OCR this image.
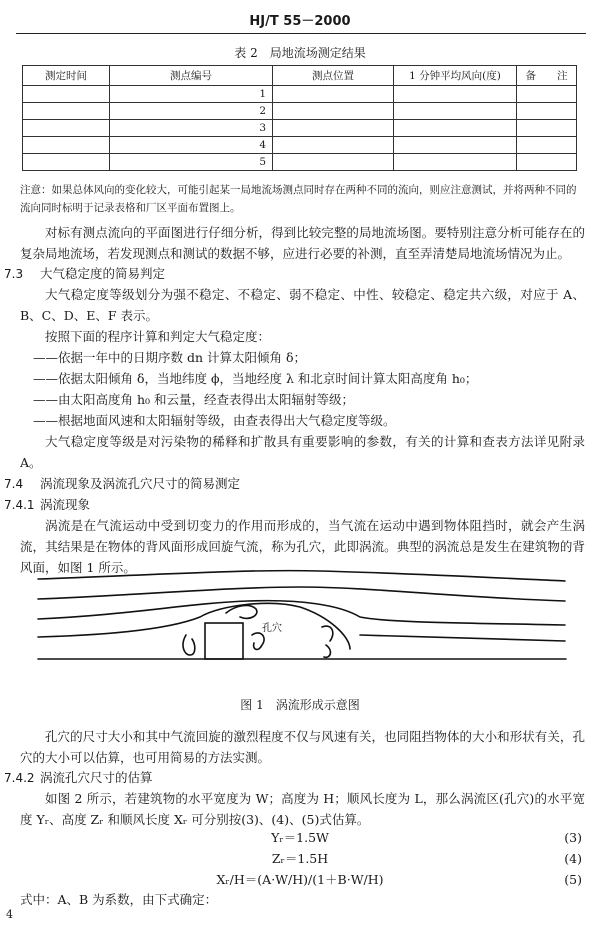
HJ/T 55－2000
表 2　局地流场测定结果
测定时间	测点编号	测点位置	1 分钟平均风向(度)	备　　注
	1			
	2			
	3			
	4			
	5			
注意：如果总体风向的变化较大，可能引起某一局地流场测点同时存在两种不同的流向，则应注意测试，并将两种不同的流向同时标明于记录表格和厂区平面布置图上。
对标有测点流向的平面图进行仔细分析，得到比较完整的局地流场图。要特别注意分析可能存在的复杂局地流场，若发现测点和测试的数据不够，应进行必要的补测，直至弄清楚局地流场情况为止。
7.3 大气稳定度的简易判定
大气稳定度等级划分为强不稳定、不稳定、弱不稳定、中性、较稳定、稳定共六级，对应于 A、B、C、D、E、F 表示。
按照下面的程序计算和判定大气稳定度：
——依据一年中的日期序数 dn 计算太阳倾角 δ；
——依据太阳倾角 δ，当地纬度 ϕ，当地经度 λ 和北京时间计算太阳高度角 h₀；
——由太阳高度角 h₀ 和云量，经查表得出太阳辐射等级；
——根据地面风速和太阳辐射等级，由查表得出大气稳定度等级。
大气稳定度等级是对污染物的稀释和扩散具有重要影响的参数，有关的计算和查表方法详见附录 A。
7.4 涡流现象及涡流孔穴尺寸的简易测定
7.4.1 涡流现象
涡流是在气流运动中受到切变力的作用而形成的，当气流在运动中遇到物体阻挡时，就会产生涡流，其结果是在物体的背风面形成回旋气流，称为孔穴，此即涡流。典型的涡流总是发生在建筑物的背风面，如图 1 所示。
孔穴
图 1　涡流形成示意图
孔穴的尺寸大小和其中气流回旋的激烈程度不仅与风速有关，也同阻挡物体的大小和形状有关，孔穴的大小可以估算，也可用简易的方法实测。
7.4.2 涡流孔穴尺寸的估算
如图 2 所示，若建筑物的水平宽度为 W；高度为 H；顺风长度为 L，那么涡流区(孔穴)的水平宽度 Yᵣ、高度 Zᵣ 和顺风长度 Xᵣ 可分别按(3)、(4)、(5)式估算。
Yᵣ＝1.5W	(3)
Zᵣ＝1.5H	(4)
Xᵣ/H＝(A·W/H)/(1＋B·W/H)	(5)
式中：A、B 为系数，由下式确定：
4
